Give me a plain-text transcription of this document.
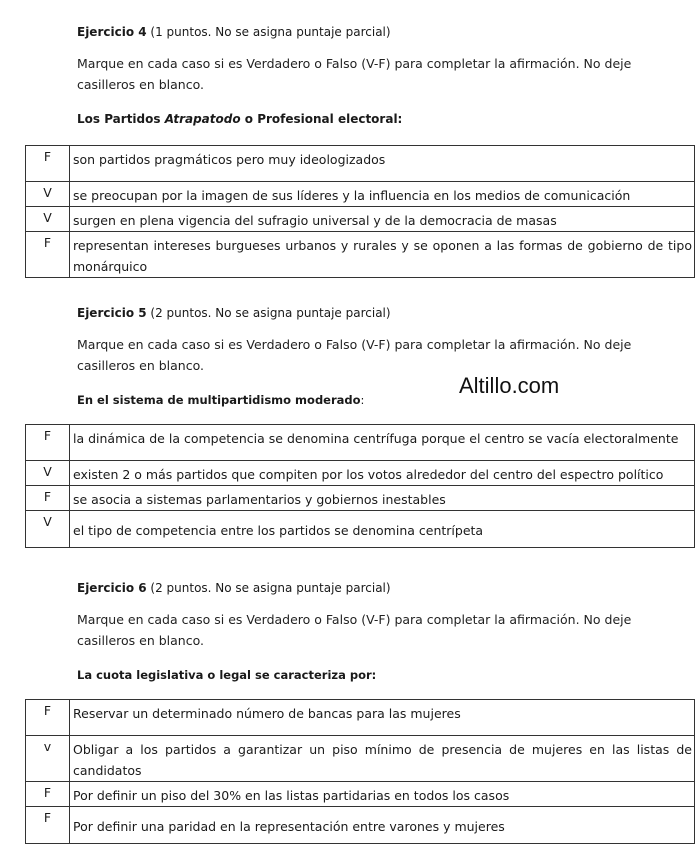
Ejercicio 4 (1 puntos. No se asigna puntaje parcial)
Marque en cada caso si es Verdadero o Falso (V-F) para completar la afirmación. No deje casilleros en blanco.
Los Partidos Atrapatodo o Profesional electoral:
F	son partidos pragmáticos pero muy ideologizados
V	se preocupan por la imagen de sus líderes y la influencia en los medios de comunicación
V	surgen en plena vigencia del sufragio universal y de la democracia de masas
F	representan intereses burgueses urbanos y rurales y se oponen a las formas de gobierno de tipo monárquico
Ejercicio 5 (2 puntos. No se asigna puntaje parcial)
Marque en cada caso si es Verdadero o Falso (V-F) para completar la afirmación. No deje casilleros en blanco.
En el sistema de multipartidismo moderado:
Altillo.com
F	la dinámica de la competencia se denomina centrífuga porque el centro se vacía electoralmente
V	existen 2 o más partidos que compiten por los votos alrededor del centro del espectro político
F	se asocia a sistemas parlamentarios y gobiernos inestables
V	el tipo de competencia entre los partidos se denomina centrípeta
Ejercicio 6 (2 puntos. No se asigna puntaje parcial)
Marque en cada caso si es Verdadero o Falso (V-F) para completar la afirmación. No deje casilleros en blanco.
La cuota legislativa o legal se caracteriza por:
F	Reservar un determinado número de bancas para las mujeres
v	Obligar a los partidos a garantizar un piso mínimo de presencia de mujeres en las listas de candidatos
F	Por definir un piso del 30% en las listas partidarias en todos los casos
F	Por definir una paridad en la representación entre varones y mujeres
